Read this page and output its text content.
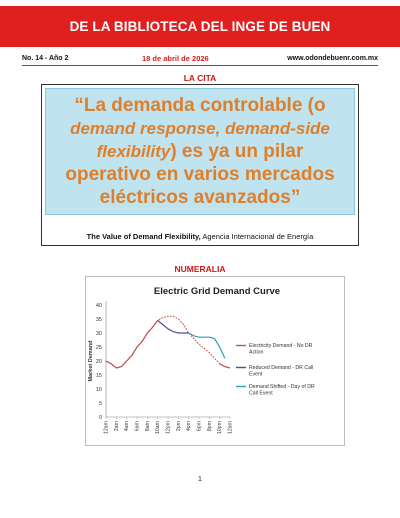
DE LA BIBLIOTECA DEL INGE DE BUEN
No. 14 - Año 2	18 de abril de 2026	www.odondebuenr.com.mx
LA CITA

“La demanda controlable (o demand response, demand-side flexibility) es ya un pilar operativo en varios mercados eléctricos avanzados”

The Value of Demand Flexibility, Agencia Internacional de Energía
NUMERALIA
Electric Grid Demand Curve
0
5
10
15
20
25
30
35
40
Market Demand
12am 2am 4am 6am 8am 10am 12pm 2pm 4pm 6pm 8pm 10pm 12am
Electricity Demand - No DR Action
Reduced Demand - DR Call Event
Demand Shifted - Day of DR Call Event
1
